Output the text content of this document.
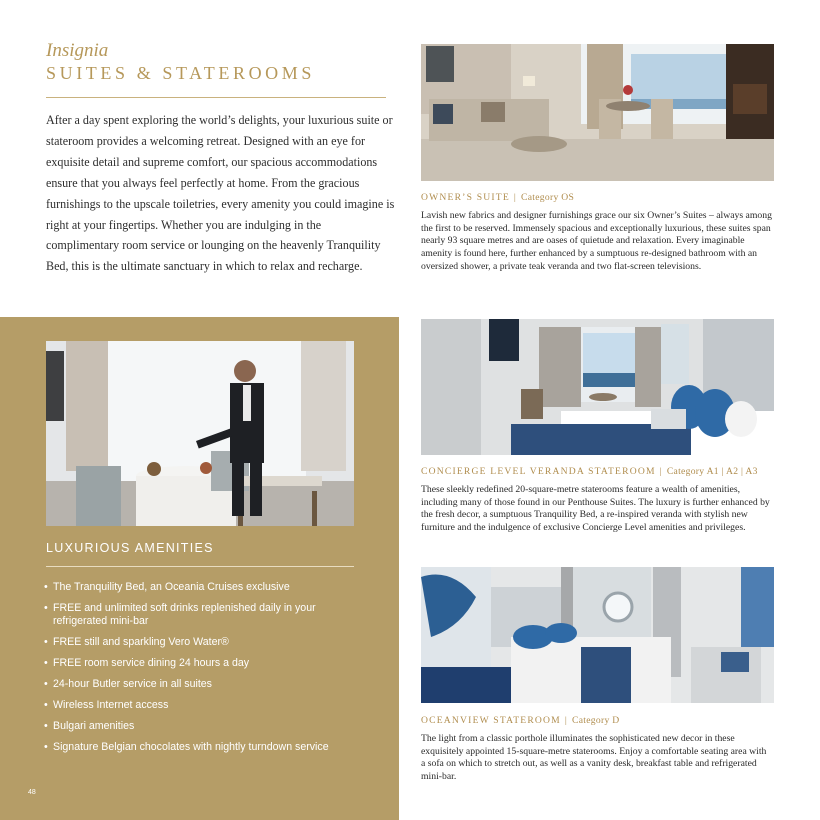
Insignia
SUITES & STATEROOMS
After a day spent exploring the world’s delights, your luxurious suite or stateroom provides a welcoming retreat. Designed with an eye for exquisite detail and supreme comfort, our spacious accommodations ensure that you always feel perfectly at home. From the gracious furnishings to the upscale toiletries, every amenity you could imagine is right at your fingertips. Whether you are indulging in the complimentary room service or lounging on the heavenly Tranquility Bed, this is the ultimate sanctuary in which to relax and recharge.
OWNER’S SUITE | Category OS
Lavish new fabrics and designer furnishings grace our six Owner’s Suites – always among the first to be reserved. Immensely spacious and exceptionally luxurious, these suites span nearly 93 square metres and are oases of quietude and relaxation. Every imaginable amenity is found here, further enhanced by a sumptuous re-designed bathroom with an oversized shower, a private teak veranda and two flat-screen televisions.
LUXURIOUS AMENITIES
• The Tranquility Bed, an Oceania Cruises exclusive
• FREE and unlimited soft drinks replenished daily in your refrigerated mini-bar
• FREE still and sparkling Vero Water®
• FREE room service dining 24 hours a day
• 24-hour Butler service in all suites
• Wireless Internet access
• Bulgari amenities
• Signature Belgian chocolates with nightly turndown service
48
CONCIERGE LEVEL VERANDA STATEROOM | Category A1 | A2 | A3
These sleekly redefined 20-square-metre staterooms feature a wealth of amenities, including many of those found in our Penthouse Suites. The luxury is further enhanced by the fresh decor, a sumptuous Tranquility Bed, a re-inspired veranda with stylish new furniture and the indulgence of exclusive Concierge Level amenities and privileges.
OCEANVIEW STATEROOM | Category D
The light from a classic porthole illuminates the sophisticated new decor in these exquisitely appointed 15-square-metre staterooms. Enjoy a comfortable seating area with a sofa on which to stretch out, as well as a vanity desk, breakfast table and refrigerated mini-bar.
